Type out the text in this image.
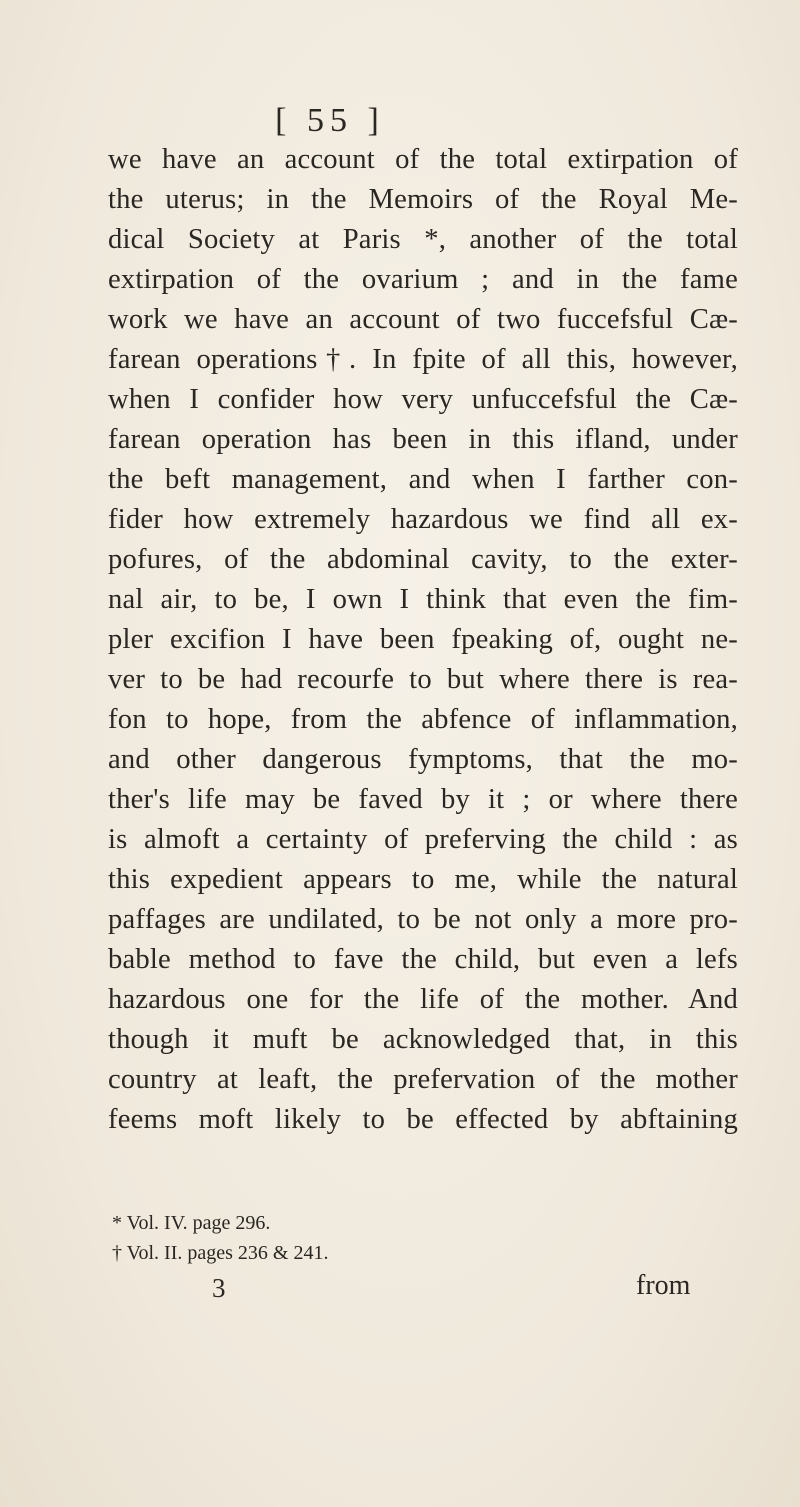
[ 55 ]
we have an account of the total extirpation of
the uterus; in the Memoirs of the Royal Me-
dical Society at Paris *, another of the total
extirpation of the ovarium ; and in the fame
work we have an account of two fuccefsful Cæ-
farean operations†. In fpite of all this, however,
when I confider how very unfuccefsful the Cæ-
farean operation has been in this ifland, under
the beft management, and when I farther con-
fider how extremely hazardous we find all ex-
pofures, of the abdominal cavity, to the exter-
nal air, to be, I own I think that even the fim-
pler excifion I have been fpeaking of, ought ne-
ver to be had recourfe to but where there is rea-
fon to hope, from the abfence of inflammation,
and other dangerous fymptoms, that the mo-
ther's life may be faved by it ; or where there
is almoft a certainty of preferving the child : as
this expedient appears to me, while the natural
paffages are undilated, to be not only a more pro-
bable method to fave the child, but even a lefs
hazardous one for the life of the mother. And
though it muft be acknowledged that, in this
country at leaft, the prefervation of the mother
feems moft likely to be effected by abftaining
* Vol. IV. page 296.
† Vol. II. pages 236 & 241.
3	from
